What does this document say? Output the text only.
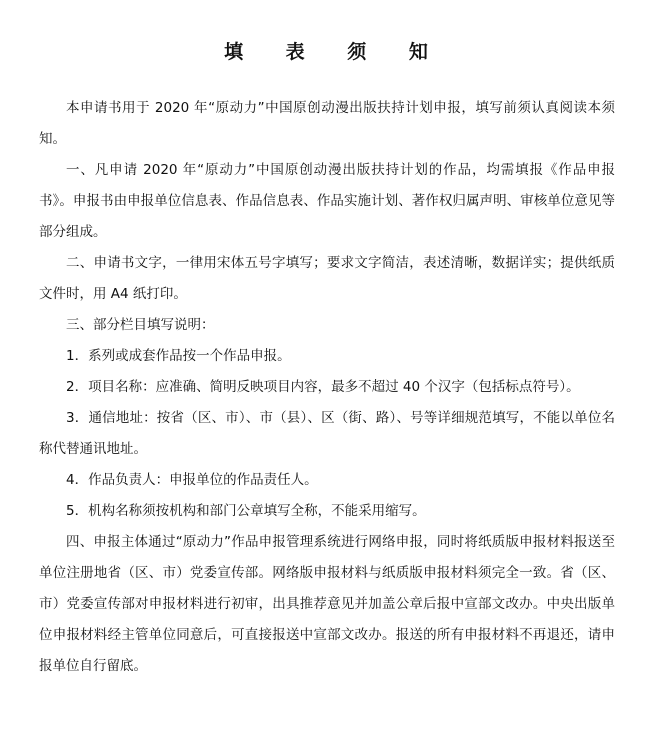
填 表 须 知

本申请书用于 2020 年“原动力”中国原创动漫出版扶持计划申报，填写前须认真阅读本须知。

一、凡申请 2020 年“原动力”中国原创动漫出版扶持计划的作品，均需填报《作品申报书》。申报书由申报单位信息表、作品信息表、作品实施计划、著作权归属声明、审核单位意见等部分组成。

二、申请书文字，一律用宋体五号字填写；要求文字简洁，表述清晰，数据详实；提供纸质文件时，用 A4 纸打印。

三、部分栏目填写说明：

1．系列或成套作品按一个作品申报。

2．项目名称：应准确、简明反映项目内容，最多不超过 40 个汉字（包括标点符号）。

3．通信地址：按省（区、市）、市（县）、区（街、路）、号等详细规范填写，不能以单位名称代替通讯地址。

4．作品负责人：申报单位的作品责任人。

5．机构名称须按机构和部门公章填写全称，不能采用缩写。

四、申报主体通过“原动力”作品申报管理系统进行网络申报，同时将纸质版申报材料报送至单位注册地省（区、市）党委宣传部。网络版申报材料与纸质版申报材料须完全一致。省（区、市）党委宣传部对申报材料进行初审，出具推荐意见并加盖公章后报中宣部文改办。中央出版单位申报材料经主管单位同意后，可直接报送中宣部文改办。报送的所有申报材料不再退还，请申报单位自行留底。
